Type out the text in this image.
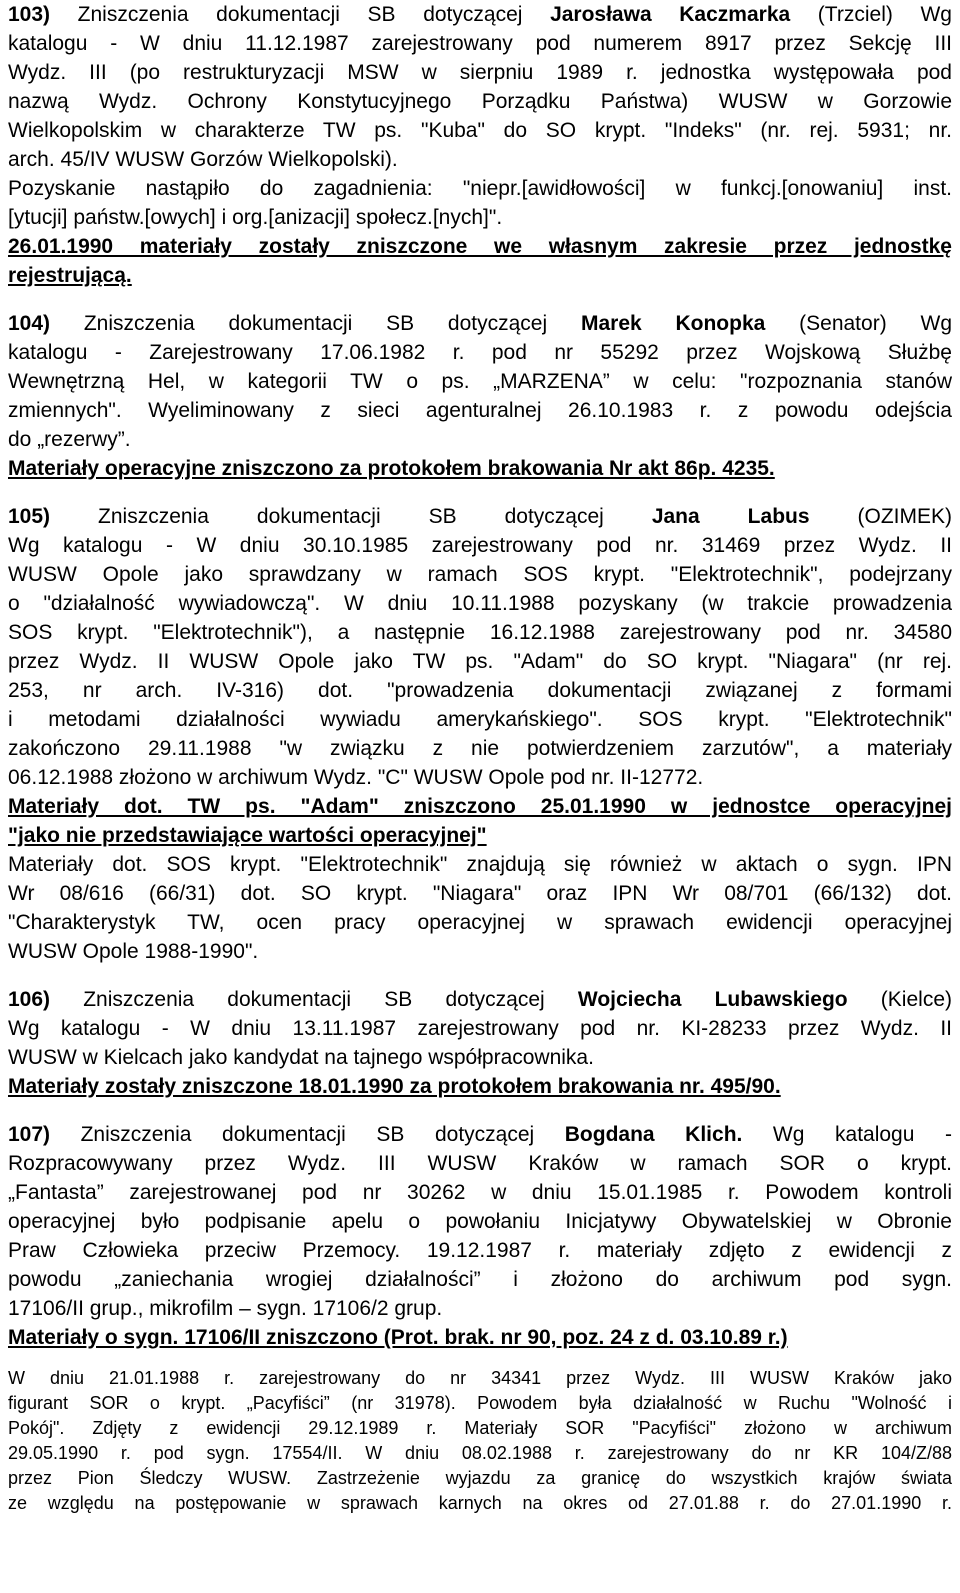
103) Zniszczenia dokumentacji SB dotyczącej Jarosława Kaczmarka (Trzciel) Wg
katalogu - W dniu 11.12.1987 zarejestrowany pod numerem 8917 przez Sekcję III
Wydz. III (po restrukturyzacji MSW w sierpniu 1989 r. jednostka występowała pod
nazwą Wydz. Ochrony Konstytucyjnego Porządku Państwa) WUSW w Gorzowie
Wielkopolskim w charakterze TW ps. "Kuba" do SO krypt. "Indeks" (nr. rej. 5931; nr.
arch. 45/IV WUSW Gorzów Wielkopolski).
Pozyskanie nastąpiło do zagadnienia: "niepr.[awidłowości] w funkcj.[onowaniu] inst.
[ytucji] państw.[owych] i org.[anizacji] społecz.[nych]".
26.01.1990 materiały zostały zniszczone we własnym zakresie przez jednostkę
rejestrującą.
104) Zniszczenia dokumentacji SB dotyczącej Marek Konopka (Senator) Wg
katalogu - Zarejestrowany 17.06.1982 r. pod nr 55292 przez Wojskową Służbę
Wewnętrzną Hel, w kategorii TW o ps. „MARZENA” w celu: "rozpoznania stanów
zmiennych". Wyeliminowany z sieci agenturalnej 26.10.1983 r. z powodu odejścia
do „rezerwy”.
Materiały operacyjne zniszczono za protokołem brakowania Nr akt 86p. 4235.
105) Zniszczenia dokumentacji SB dotyczącej Jana Labus (OZIMEK)
Wg katalogu - W dniu 30.10.1985 zarejestrowany pod nr. 31469 przez Wydz. II
WUSW Opole jako sprawdzany w ramach SOS krypt. "Elektrotechnik", podejrzany
o "działalność wywiadowczą". W dniu 10.11.1988 pozyskany (w trakcie prowadzenia
SOS krypt. "Elektrotechnik"), a następnie 16.12.1988 zarejestrowany pod nr. 34580
przez Wydz. II WUSW Opole jako TW ps. "Adam" do SO krypt. "Niagara" (nr rej.
253, nr arch. IV-316) dot. "prowadzenia dokumentacji związanej z formami
i metodami działalności wywiadu amerykańskiego". SOS krypt. "Elektrotechnik"
zakończono 29.11.1988 "w związku z nie potwierdzeniem zarzutów", a materiały
06.12.1988 złożono w archiwum Wydz. "C" WUSW Opole pod nr. II-12772.
Materiały dot. TW ps. "Adam" zniszczono 25.01.1990 w jednostce operacyjnej
"jako nie przedstawiające wartości operacyjnej"
Materiały dot. SOS krypt. "Elektrotechnik" znajdują się również w aktach o sygn. IPN
Wr 08/616 (66/31) dot. SO krypt. "Niagara" oraz IPN Wr 08/701 (66/132) dot.
"Charakterystyk TW, ocen pracy operacyjnej w sprawach ewidencji operacyjnej
WUSW Opole 1988-1990".
106) Zniszczenia dokumentacji SB dotyczącej Wojciecha Lubawskiego (Kielce)
Wg katalogu - W dniu 13.11.1987 zarejestrowany pod nr. KI-28233 przez Wydz. II
WUSW w Kielcach jako kandydat na tajnego współpracownika.
Materiały zostały zniszczone 18.01.1990 za protokołem brakowania nr. 495/90.
107) Zniszczenia dokumentacji SB dotyczącej Bogdana Klich. Wg katalogu -
Rozpracowywany przez Wydz. III WUSW Kraków w ramach SOR o krypt.
„Fantasta” zarejestrowanej pod nr 30262 w dniu 15.01.1985 r. Powodem kontroli
operacyjnej było podpisanie apelu o powołaniu Inicjatywy Obywatelskiej w Obronie
Praw Człowieka przeciw Przemocy. 19.12.1987 r. materiały zdjęto z ewidencji z
powodu „zaniechania wrogiej działalności” i złożono do archiwum pod sygn.
17106/II grup., mikrofilm – sygn. 17106/2 grup.
Materiały o sygn. 17106/II zniszczono (Prot. brak. nr 90, poz. 24 z d. 03.10.89 r.)
W dniu 21.01.1988 r. zarejestrowany do nr 34341 przez Wydz. III WUSW Kraków jako
figurant SOR o krypt. „Pacyfiści” (nr 31978). Powodem była działalność w Ruchu "Wolność i
Pokój". Zdjęty z ewidencji 29.12.1989 r. Materiały SOR "Pacyfiści" złożono w archiwum
29.05.1990 r. pod sygn. 17554/II. W dniu 08.02.1988 r. zarejestrowany do nr KR 104/Z/88
przez Pion Śledczy WUSW. Zastrzeżenie wyjazdu za granicę do wszystkich krajów świata
ze względu na postępowanie w sprawach karnych na okres od 27.01.88 r. do 27.01.1990 r.
